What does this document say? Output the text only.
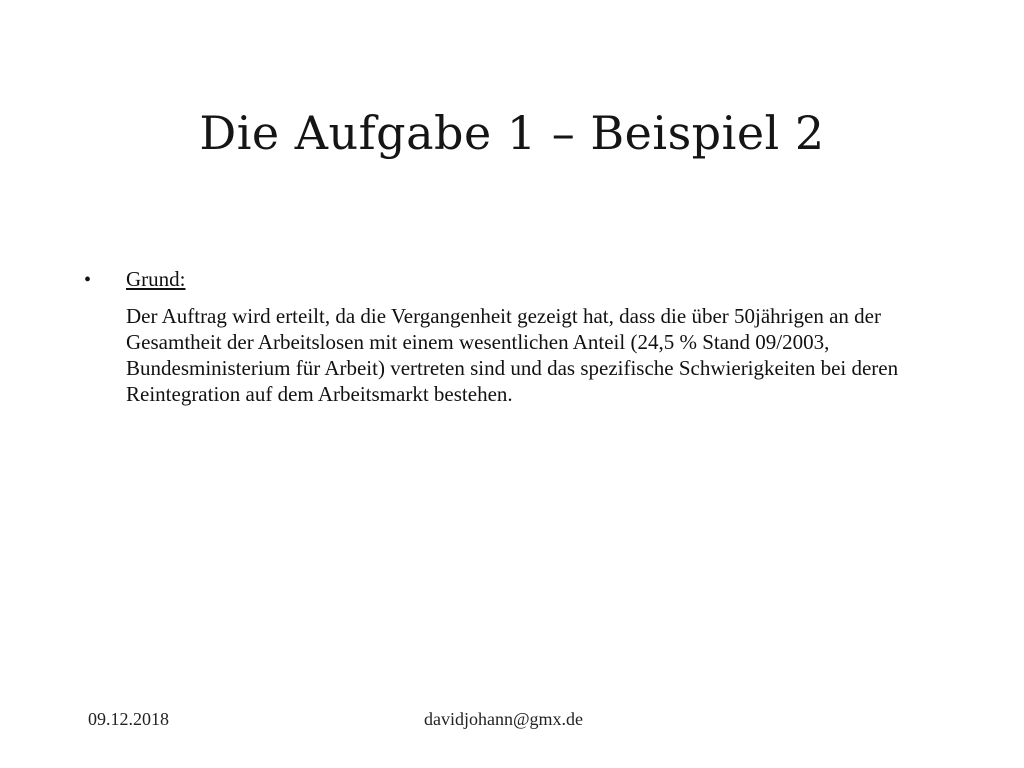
Die Aufgabe 1 – Beispiel 2
•	Grund:
Der Auftrag wird erteilt, da die Vergangenheit gezeigt hat, dass die über 50jährigen an der Gesamtheit der Arbeitslosen mit einem wesentlichen Anteil (24,5 % Stand 09/2003, Bundesministerium für Arbeit) vertreten sind und das spezifische Schwierigkeiten bei deren Reintegration auf dem Arbeitsmarkt bestehen.
09.12.2018	davidjohann@gmx.de
